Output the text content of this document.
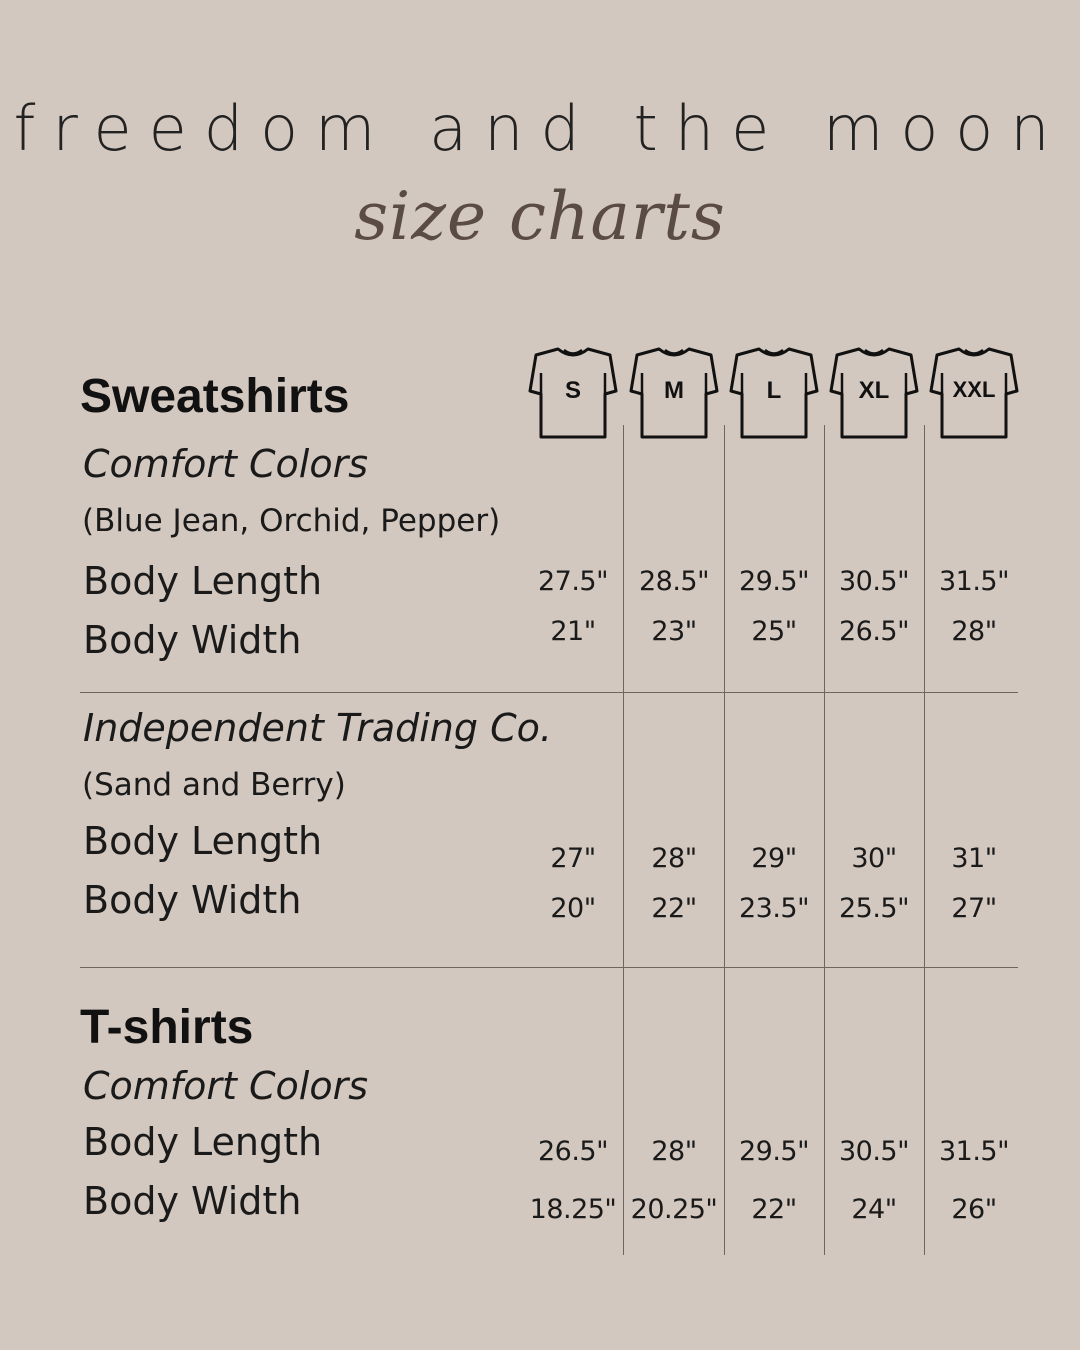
freedom and the moon
size charts
S	M	L	XL	XXL
Sweatshirts
Comfort Colors
(Blue Jean, Orchid, Pepper)
Body Length
Body Width
27.5"	28.5"	29.5"	30.5"	31.5"
21"	23"	25"	26.5"	28"
Independent Trading Co.
(Sand and Berry)
Body Length
Body Width
27"	28"	29"	30"	31"
20"	22"	23.5"	25.5"	27"
T-shirts
Comfort Colors
Body Length
Body Width
26.5"	28"	29.5"	30.5"	31.5"
18.25" 20.25"	22"	24"	26"
